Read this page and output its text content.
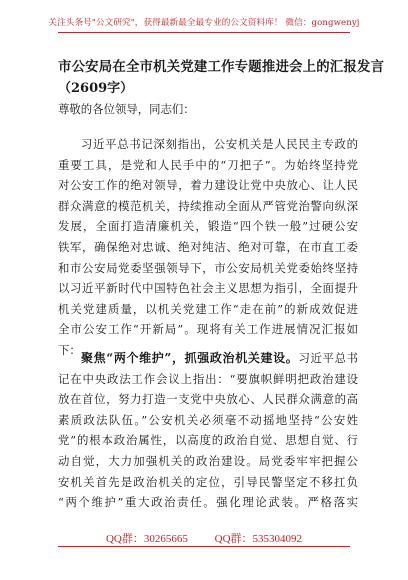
关注头条号"公文研究"，获得最新最全最专业的公文资料库！ 微信：gongwenyj
市公安局在全市机关党建工作专题推进会上的汇报发言
（2609字）
尊敬的各位领导，同志们：
习近平总书记深刻指出，公安机关是人民民主专政的
重要工具，是党和人民手中的“刀把子”。为始终坚持党
对公安工作的绝对领导，着力建设让党中央放心、让人民
群众满意的模范机关，持续推动全面从严管党治警向纵深
发展，全面打造清廉机关，锻造“四个铁一般”过硬公安
铁军，确保绝对忠诚、绝对纯洁、绝对可靠，在市直工委
和市公安局党委坚强领导下，市公安局机关党委始终坚持
以习近平新时代中国特色社会主义思想为指引，全面提升
机关党建质量，以机关党建工作“走在前”的新成效促进
全市公安工作“开新局”。现将有关工作进展情况汇报如
下：
聚焦“两个维护”，抓强政治机关建设。习近平总书
记在中央政法工作会议上指出：“要旗帜鲜明把政治建设
放在首位，努力打造一支党中央放心、人民群众满意的高
素质政法队伍。”公安机关必须毫不动摇地坚持“公安姓
党”的根本政治属性，以高度的政治自觉、思想自觉、行
动自觉，大力加强机关的政治建设。局党委牢牢把握公
安机关首先是政治机关的定位，引导民警坚定不移扛负
“两个维护”重大政治责任。强化理论武装。严格落实
QQ群：30265665 QQ群：535304092
